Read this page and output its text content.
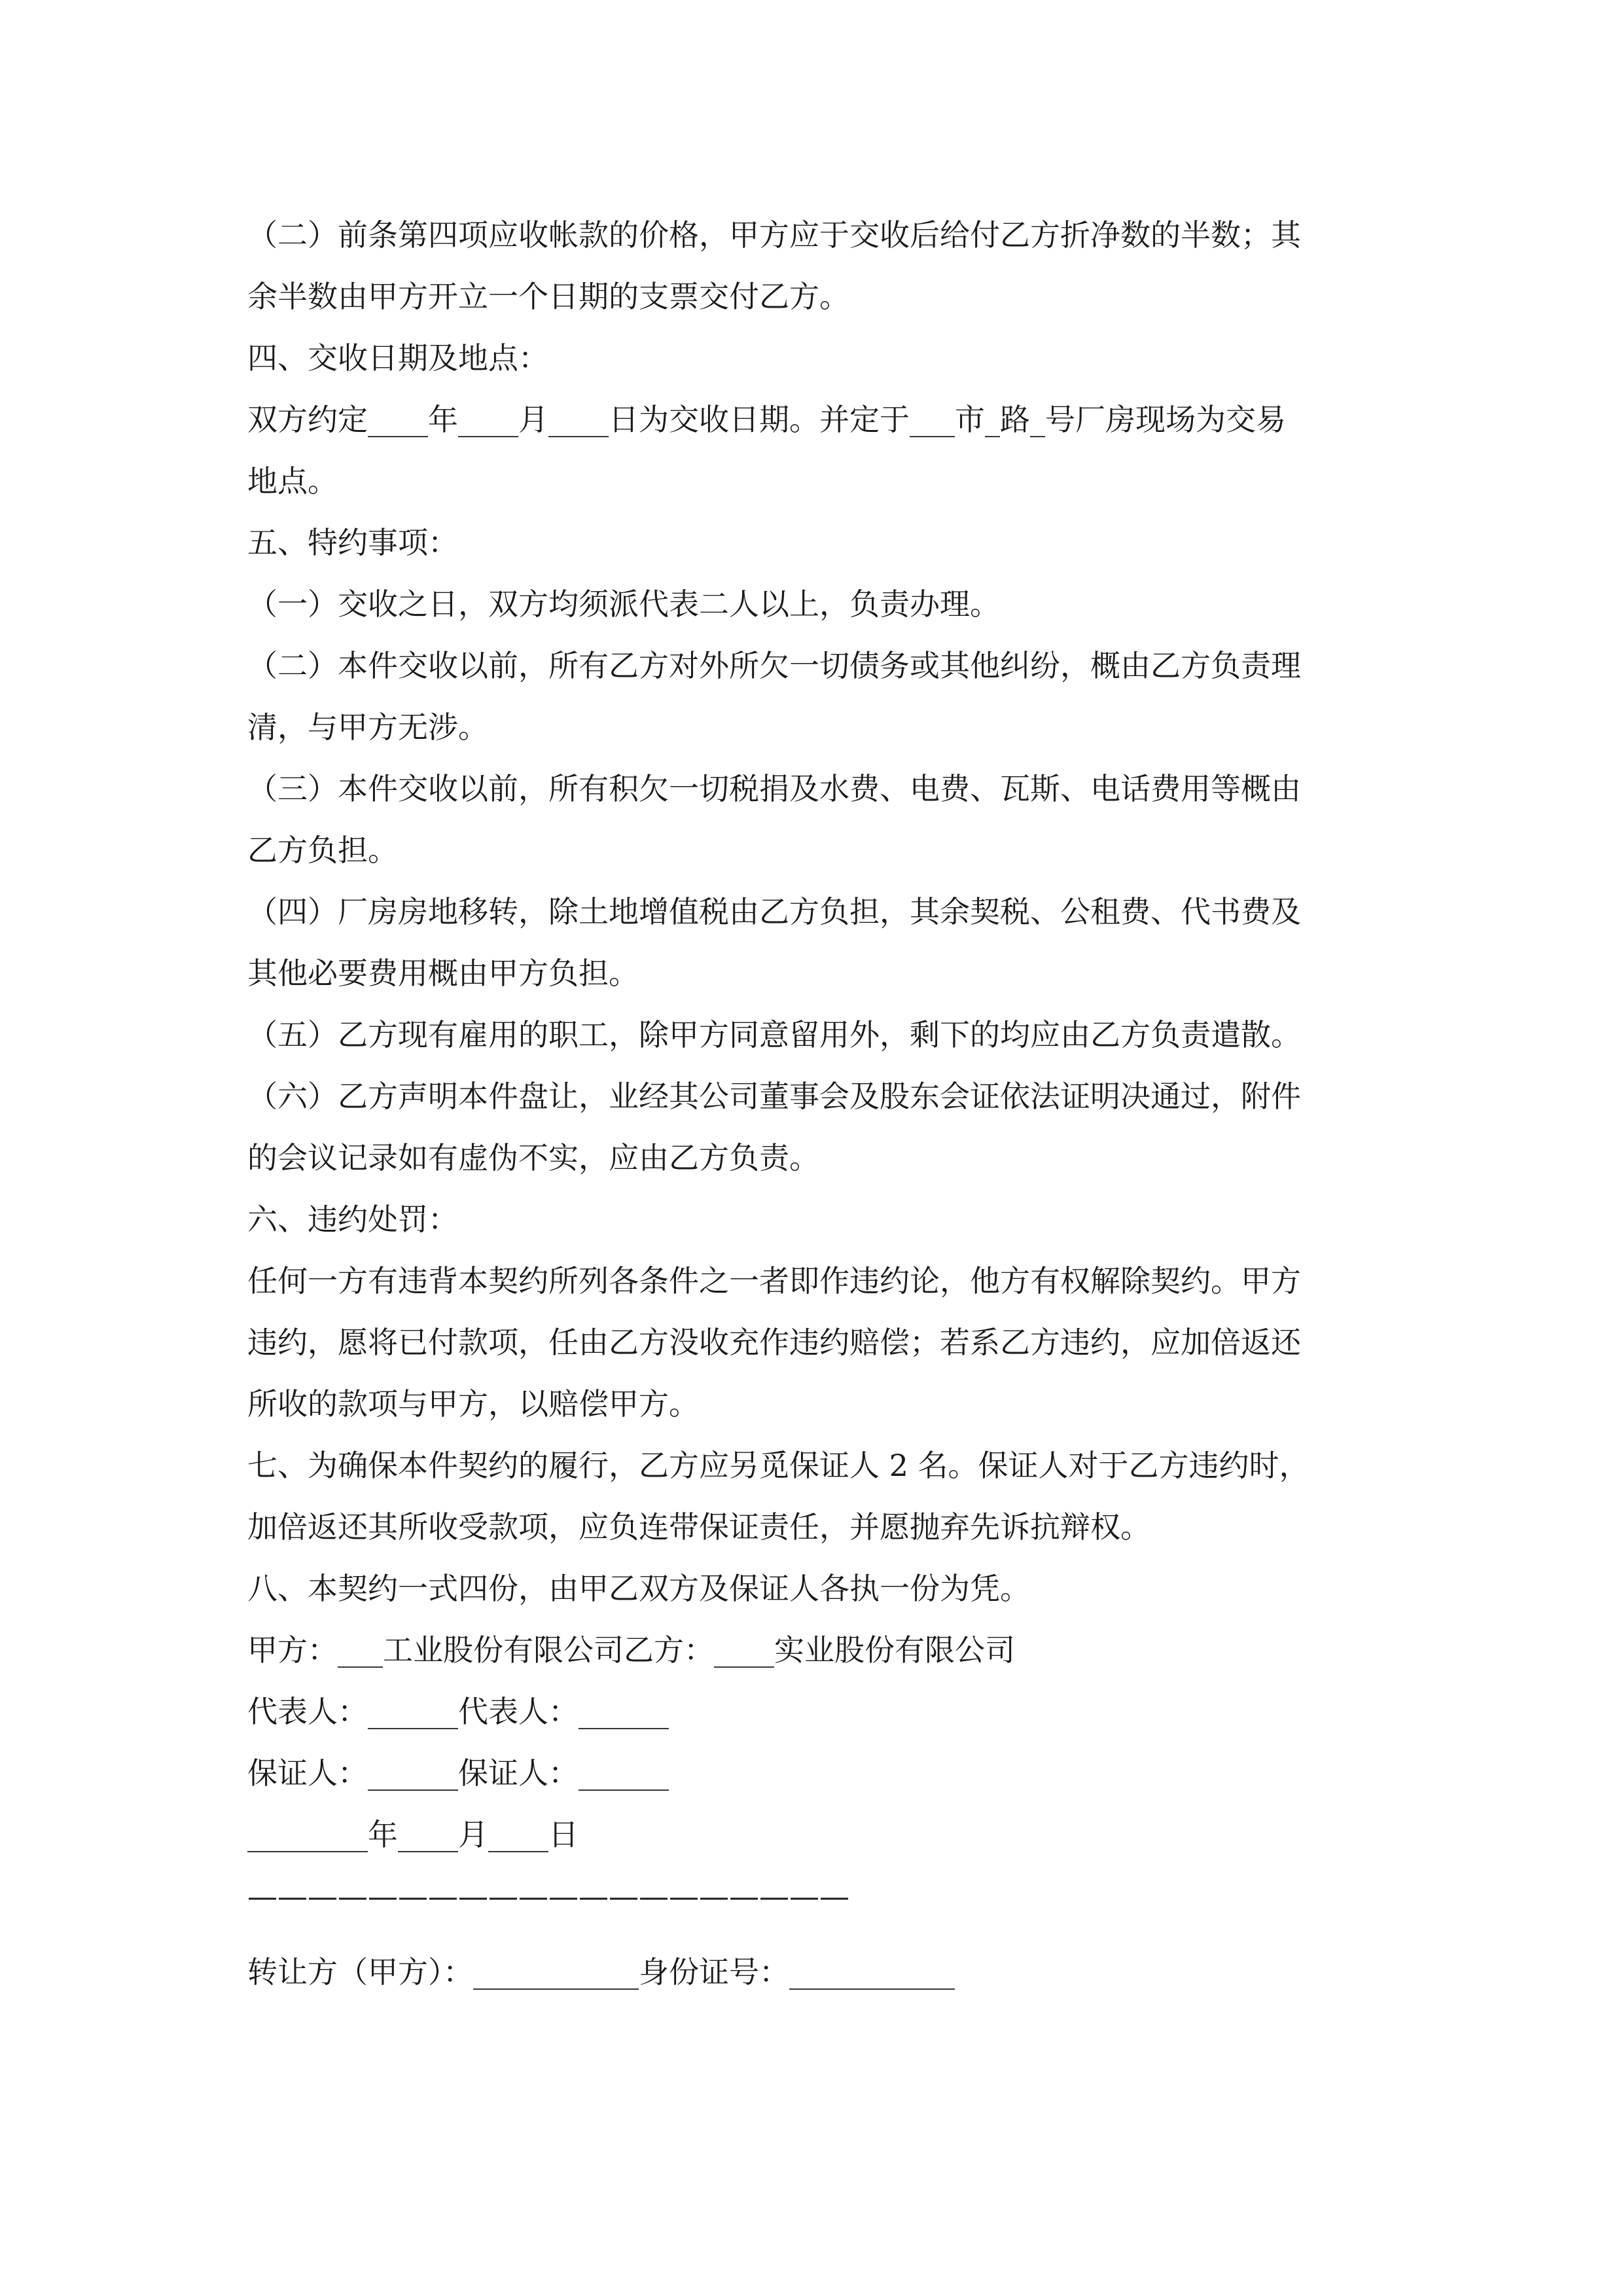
（二）前条第四项应收帐款的价格，甲方应于交收后给付乙方折净数的半数；其
余半数由甲方开立一个日期的支票交付乙方。
四、交收日期及地点：
双方约定____年____月____日为交收日期。并定于___市_路_号厂房现场为交易
地点。
五、特约事项：
（一）交收之日，双方均须派代表二人以上，负责办理。
（二）本件交收以前，所有乙方对外所欠一切债务或其他纠纷，概由乙方负责理
清，与甲方无涉。
（三）本件交收以前，所有积欠一切税捐及水费、电费、瓦斯、电话费用等概由
乙方负担。
（四）厂房房地移转，除土地增值税由乙方负担，其余契税、公租费、代书费及
其他必要费用概由甲方负担。
（五）乙方现有雇用的职工，除甲方同意留用外，剩下的均应由乙方负责遣散。
（六）乙方声明本件盘让，业经其公司董事会及股东会证依法证明决通过，附件
的会议记录如有虚伪不实，应由乙方负责。
六、违约处罚：
任何一方有违背本契约所列各条件之一者即作违约论，他方有权解除契约。甲方
违约，愿将已付款项，任由乙方没收充作违约赔偿；若系乙方违约，应加倍返还
所收的款项与甲方，以赔偿甲方。
七、为确保本件契约的履行，乙方应另觅保证人 2 名。保证人对于乙方违约时，
加倍返还其所收受款项，应负连带保证责任，并愿抛弃先诉抗辩权。
八、本契约一式四份，由甲乙双方及保证人各执一份为凭。
甲方：___工业股份有限公司乙方：____实业股份有限公司
代表人：______代表人：______
保证人：______保证人：______
________年____月____日
————————————————————
转让方（甲方）：___________身份证号：___________
